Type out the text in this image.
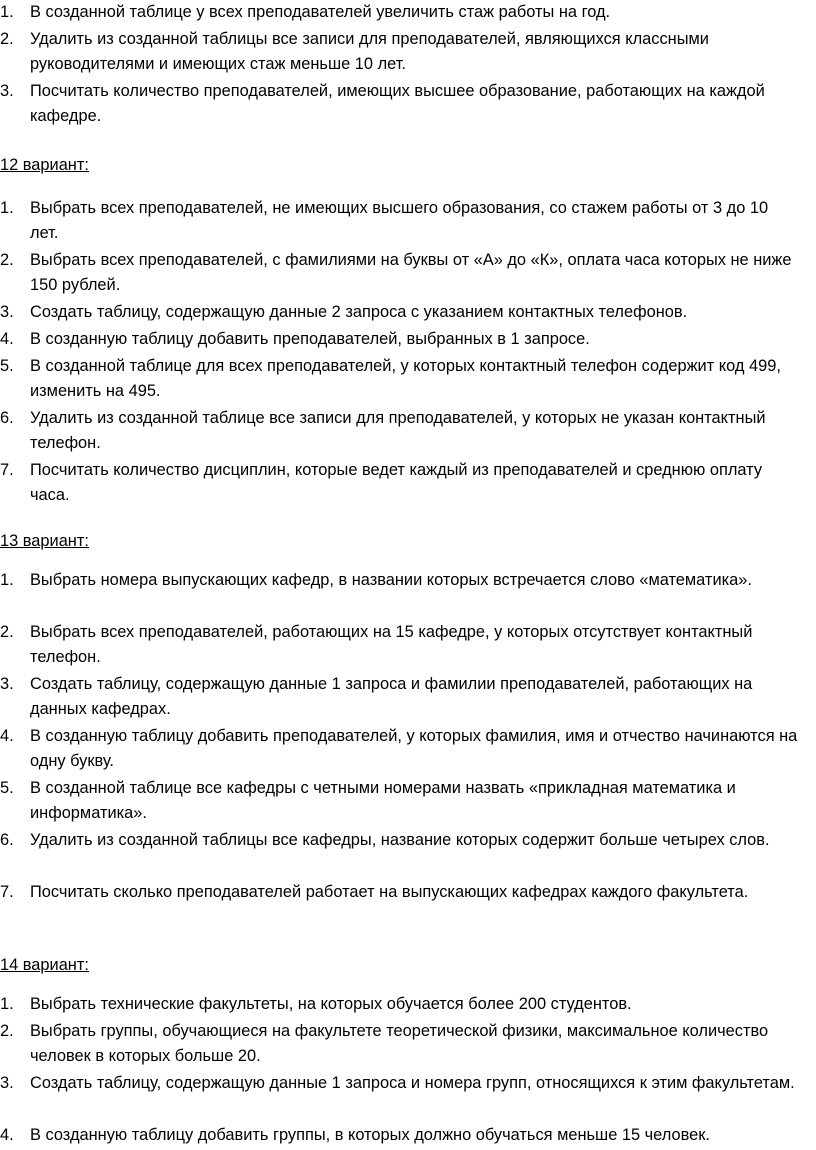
1. В созданной таблице у всех преподавателей увеличить стаж работы на год.
2. Удалить из созданной таблицы все записи для преподавателей, являющихся классными руководителями и имеющих стаж меньше 10 лет.
3. Посчитать количество преподавателей, имеющих высшее образование, работающих на каждой кафедре.
12 вариант:
1. Выбрать всех преподавателей, не имеющих высшего образования, со стажем работы от 3 до 10 лет.
2. Выбрать всех преподавателей, с фамилиями на буквы от «А» до «К», оплата часа которых не ниже 150 рублей.
3. Создать таблицу, содержащую данные 2 запроса с указанием контактных телефонов.
4. В созданную таблицу добавить преподавателей, выбранных в 1 запросе.
5. В созданной таблице для всех преподавателей, у которых контактный телефон содержит код 499, изменить на 495.
6. Удалить из созданной таблице все записи для преподавателей, у которых не указан контактный телефон.
7. Посчитать количество дисциплин, которые ведет каждый из преподавателей и среднюю оплату часа.
13 вариант:
1. Выбрать номера выпускающих кафедр, в названии которых встречается слово «математика».
2. Выбрать всех преподавателей, работающих на 15 кафедре, у которых отсутствует контактный телефон.
3. Создать таблицу, содержащую данные 1 запроса и фамилии преподавателей, работающих на данных кафедрах.
4. В созданную таблицу добавить преподавателей, у которых фамилия, имя и отчество начинаются на одну букву.
5. В созданной таблице все кафедры с четными номерами назвать «прикладная математика и информатика».
6. Удалить из созданной таблицы все кафедры, название которых содержит больше четырех слов.
7. Посчитать сколько преподавателей работает на выпускающих кафедрах каждого факультета.
14 вариант:
1. Выбрать технические факультеты, на которых обучается более 200 студентов.
2. Выбрать группы, обучающиеся на факультете теоретической физики, максимальное количество человек в которых больше 20.
3. Создать таблицу, содержащую данные 1 запроса и номера групп, относящихся к этим факультетам.
4. В созданную таблицу добавить группы, в которых должно обучаться меньше 15 человек.
